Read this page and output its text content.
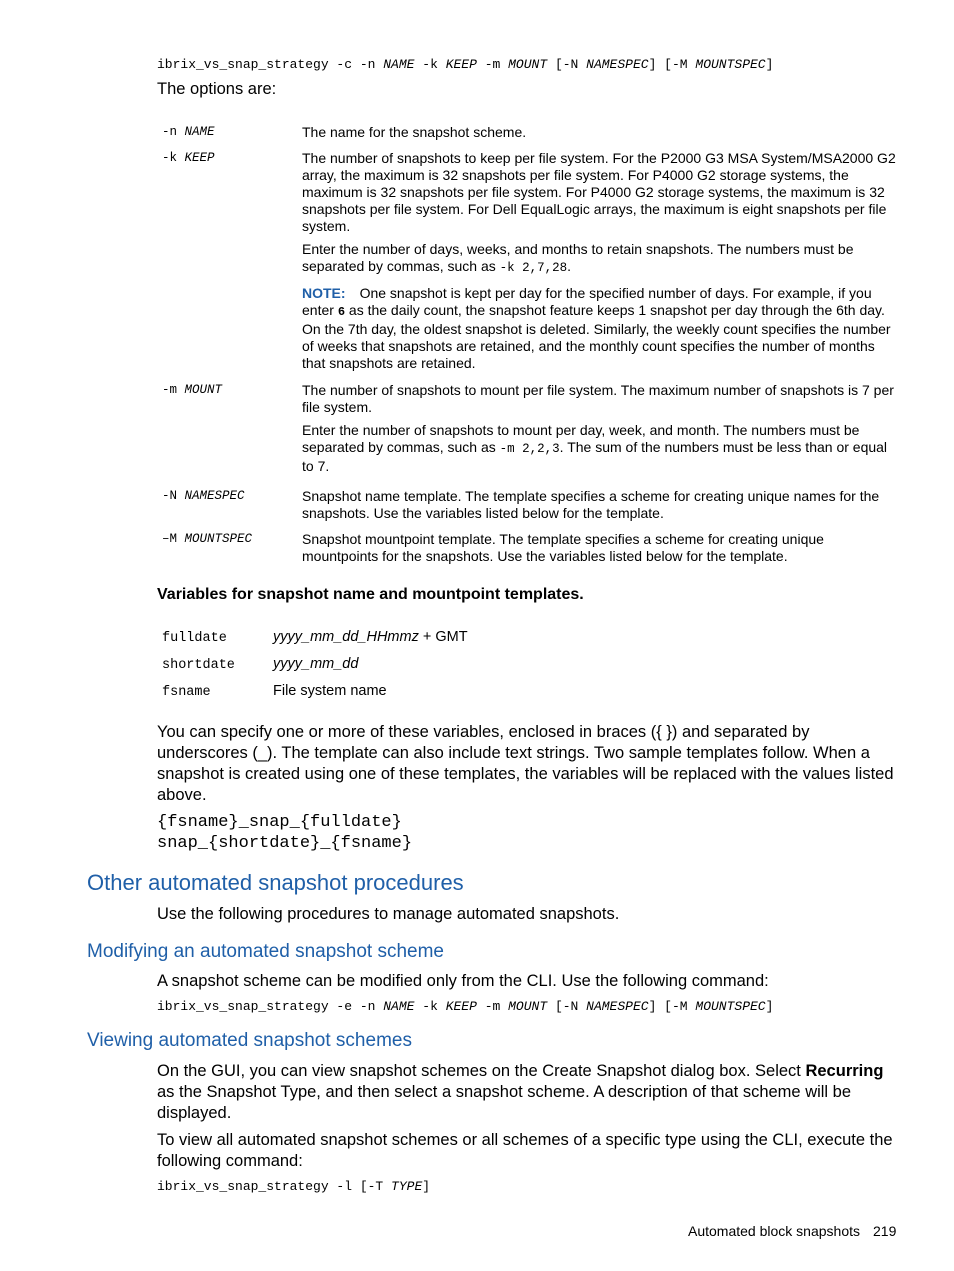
ibrix_vs_snap_strategy -c -n NAME -k KEEP -m MOUNT [-N NAMESPEC] [-M MOUNTSPEC]
The options are:
-n NAME	The name for the snapshot scheme.

-k KEEP	The number of snapshots to keep per file system. For the P2000 G3 MSA System/MSA2000 G2 array, the maximum is 32 snapshots per file system. For P4000 G2 storage systems, the maximum is 32 snapshots per file system. For P4000 G2 storage systems, the maximum is 32 snapshots per file system. For Dell EqualLogic arrays, the maximum is eight snapshots per file system.

Enter the number of days, weeks, and months to retain snapshots. The numbers must be separated by commas, such as -k 2,7,28.

NOTE: One snapshot is kept per day for the specified number of days. For example, if you enter 6 as the daily count, the snapshot feature keeps 1 snapshot per day through the 6th day. On the 7th day, the oldest snapshot is deleted. Similarly, the weekly count specifies the number of weeks that snapshots are retained, and the monthly count specifies the number of months that snapshots are retained.

-m MOUNT	The number of snapshots to mount per file system. The maximum number of snapshots is 7 per file system.

Enter the number of snapshots to mount per day, week, and month. The numbers must be separated by commas, such as -m 2,2,3. The sum of the numbers must be less than or equal to 7.

-N NAMESPEC	Snapshot name template. The template specifies a scheme for creating unique names for the snapshots. Use the variables listed below for the template.

–M MOUNTSPEC	Snapshot mountpoint template. The template specifies a scheme for creating unique mountpoints for the snapshots. Use the variables listed below for the template.

Variables for snapshot name and mountpoint templates.
fulldate	yyyy_mm_dd_HHmmz + GMT
shortdate	yyyy_mm_dd
fsname	File system name
You can specify one or more of these variables, enclosed in braces ({ }) and separated by underscores (_). The template can also include text strings. Two sample templates follow. When a snapshot is created using one of these templates, the variables will be replaced with the values listed above.
{fsname}_snap_{fulldate}
snap_{shortdate}_{fsname}
Other automated snapshot procedures
Use the following procedures to manage automated snapshots.
Modifying an automated snapshot scheme
A snapshot scheme can be modified only from the CLI. Use the following command:
ibrix_vs_snap_strategy -e -n NAME -k KEEP -m MOUNT [-N NAMESPEC] [-M MOUNTSPEC]
Viewing automated snapshot schemes
On the GUI, you can view snapshot schemes on the Create Snapshot dialog box. Select Recurring as the Snapshot Type, and then select a snapshot scheme. A description of that scheme will be displayed.
To view all automated snapshot schemes or all schemes of a specific type using the CLI, execute the following command:
ibrix_vs_snap_strategy -l [-T TYPE]
Automated block snapshots 219
